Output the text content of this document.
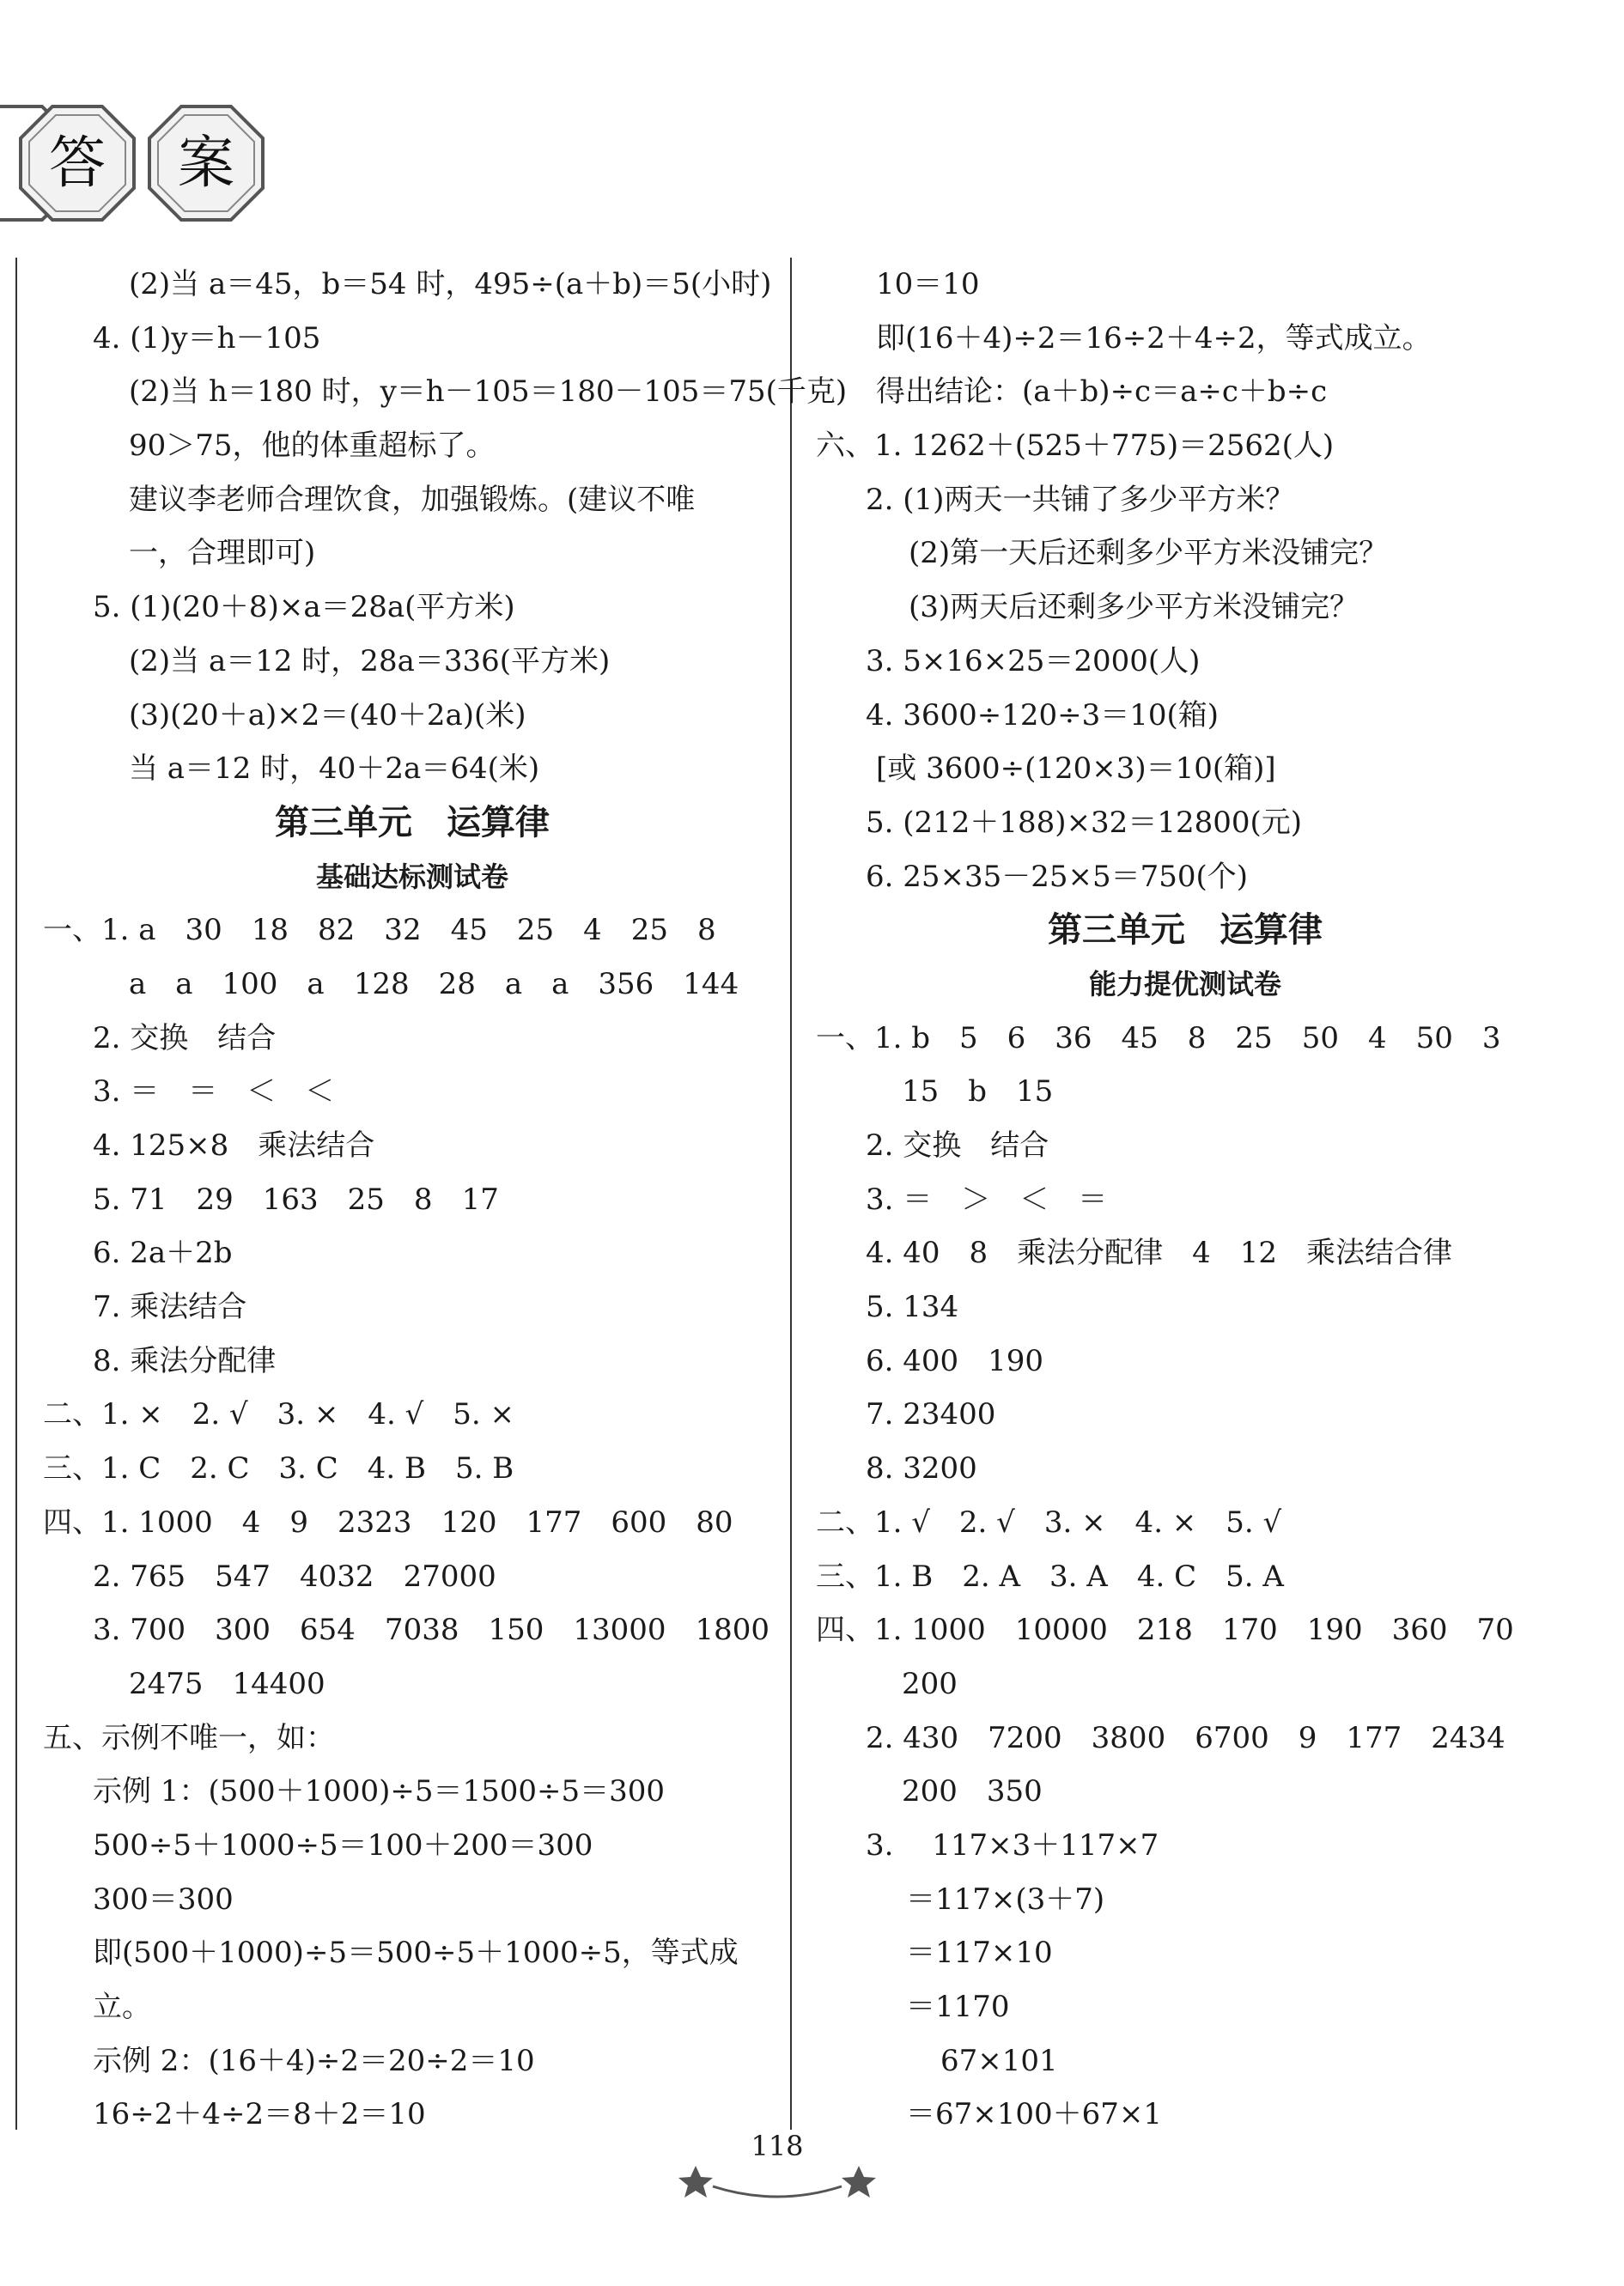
答	案
(2)当 a＝45，b＝54 时，495÷(a＋b)＝5(小时)
4. (1)y＝h－105
(2)当 h＝180 时，y＝h－105＝180－105＝75(千克)
90＞75，他的体重超标了。
建议李老师合理饮食，加强锻炼。(建议不唯
一，合理即可)
5. (1)(20＋8)×a＝28a(平方米)
(2)当 a＝12 时，28a＝336(平方米)
(3)(20＋a)×2＝(40＋2a)(米)
当 a＝12 时，40＋2a＝64(米)
第三单元　运算律
基础达标测试卷
一、1. a　30　18　82　32　45　25　4　25　8
a　a　100　a　128　28　a　a　356　144
2. 交换　结合
3. ＝　＝　＜　＜
4. 125×8　乘法结合
5. 71　29　163　25　8　17
6. 2a＋2b
7. 乘法结合
8. 乘法分配律
二、1. ×　2. √　3. ×　4. √　5. ×
三、1. C　2. C　3. C　4. B　5. B
四、1. 1000　4　9　2323　120　177　600　80
2. 765　547　4032　27000
3. 700　300　654　7038　150　13000　1800
2475　14400
五、示例不唯一，如：
示例 1：(500＋1000)÷5＝1500÷5＝300
500÷5＋1000÷5＝100＋200＝300
300＝300
即(500＋1000)÷5＝500÷5＋1000÷5，等式成
立。
示例 2：(16＋4)÷2＝20÷2＝10
16÷2＋4÷2＝8＋2＝10
10＝10
即(16＋4)÷2＝16÷2＋4÷2，等式成立。
得出结论：(a＋b)÷c＝a÷c＋b÷c
六、1. 1262＋(525＋775)＝2562(人)
2. (1)两天一共铺了多少平方米？
(2)第一天后还剩多少平方米没铺完？
(3)两天后还剩多少平方米没铺完？
3. 5×16×25＝2000(人)
4. 3600÷120÷3＝10(箱)
[或 3600÷(120×3)＝10(箱)]
5. (212＋188)×32＝12800(元)
6. 25×35－25×5＝750(个)
第三单元　运算律
能力提优测试卷
一、1. b　5　6　36　45　8　25　50　4　50　3
15　b　15
2. 交换　结合
3. ＝　＞　＜　＝
4. 40　8　乘法分配律　4　12　乘法结合律
5. 134
6. 400　190
7. 23400
8. 3200
二、1. √　2. √　3. ×　4. ×　5. √
三、1. B　2. A　3. A　4. C　5. A
四、1. 1000　10000　218　170　190　360　70
200
2. 430　7200　3800　6700　9　177　2434
200　350
3. 　117×3＋117×7
＝117×(3＋7)
＝117×10
＝1170
67×101
＝67×100＋67×1
118
